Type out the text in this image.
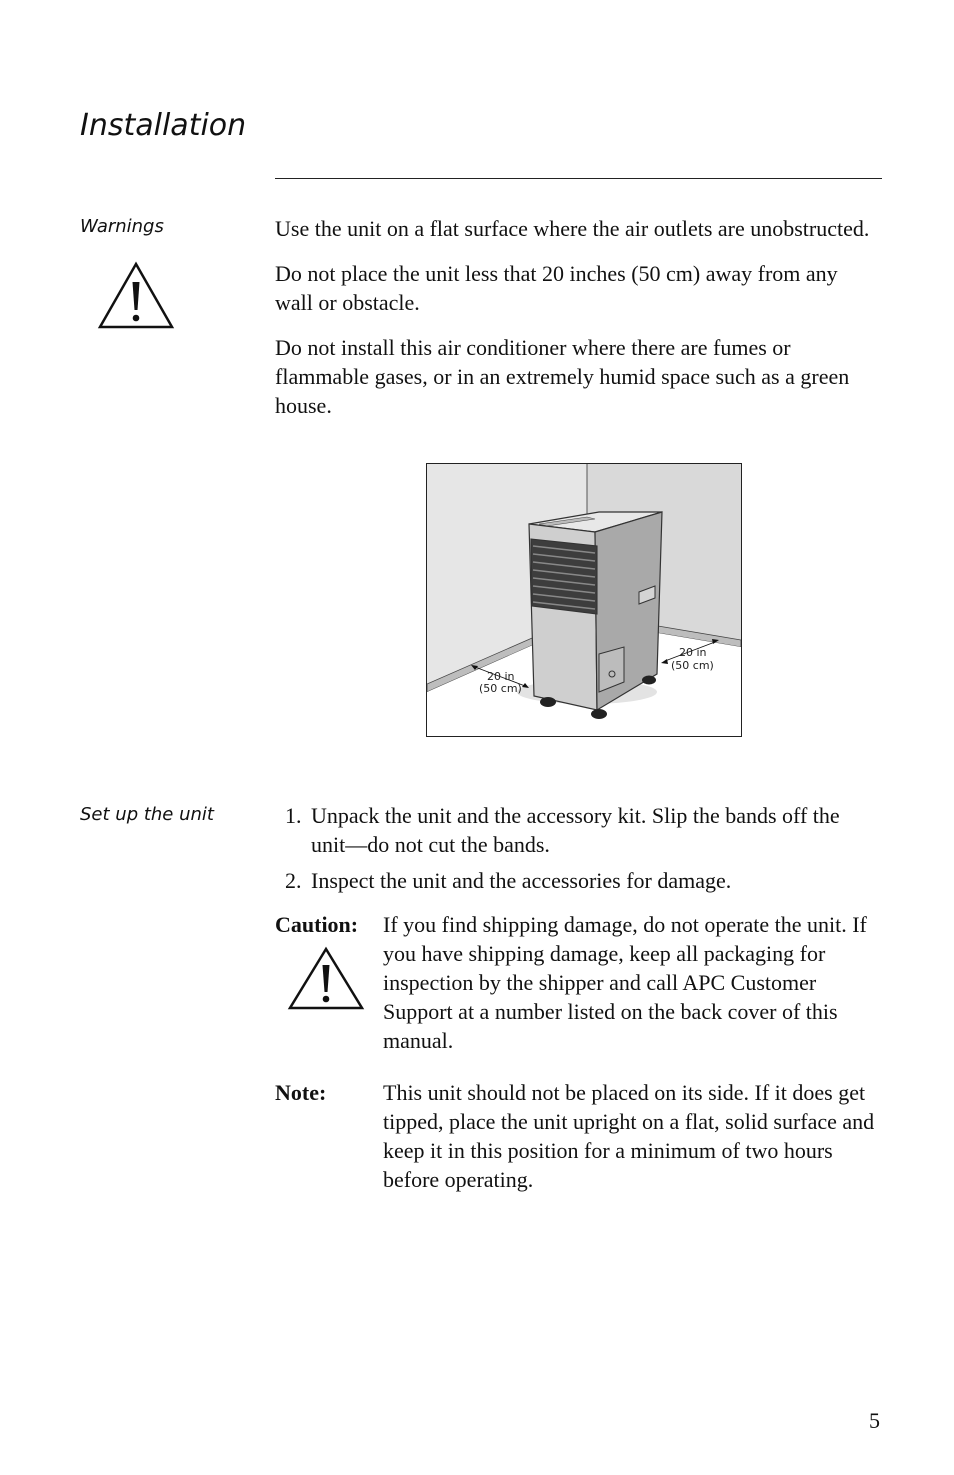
Installation
Warnings	Use the unit on a flat surface where the air outlets are unobstructed.

Do not place the unit less that 20 inches (50 cm) away from any wall or obstacle.

Do not install this air conditioner where there are fumes or flammable gases, or in an extremely humid space such as a green house.

20 in
(50 cm)
20 in
(50 cm)
Set up the unit	1. Unpack the unit and the accessory kit. Slip the bands off the unit—do not cut the bands.
2. Inspect the unit and the accessories for damage.
Caution: If you find shipping damage, do not operate the unit. If you have shipping damage, keep all packaging for inspection by the shipper and call APC Customer Support at a number listed on the back cover of this manual.
Note:	This unit should not be placed on its side. If it does get tipped, place the unit upright on a flat, solid surface and keep it in this position for a minimum of two hours before operating.
5
